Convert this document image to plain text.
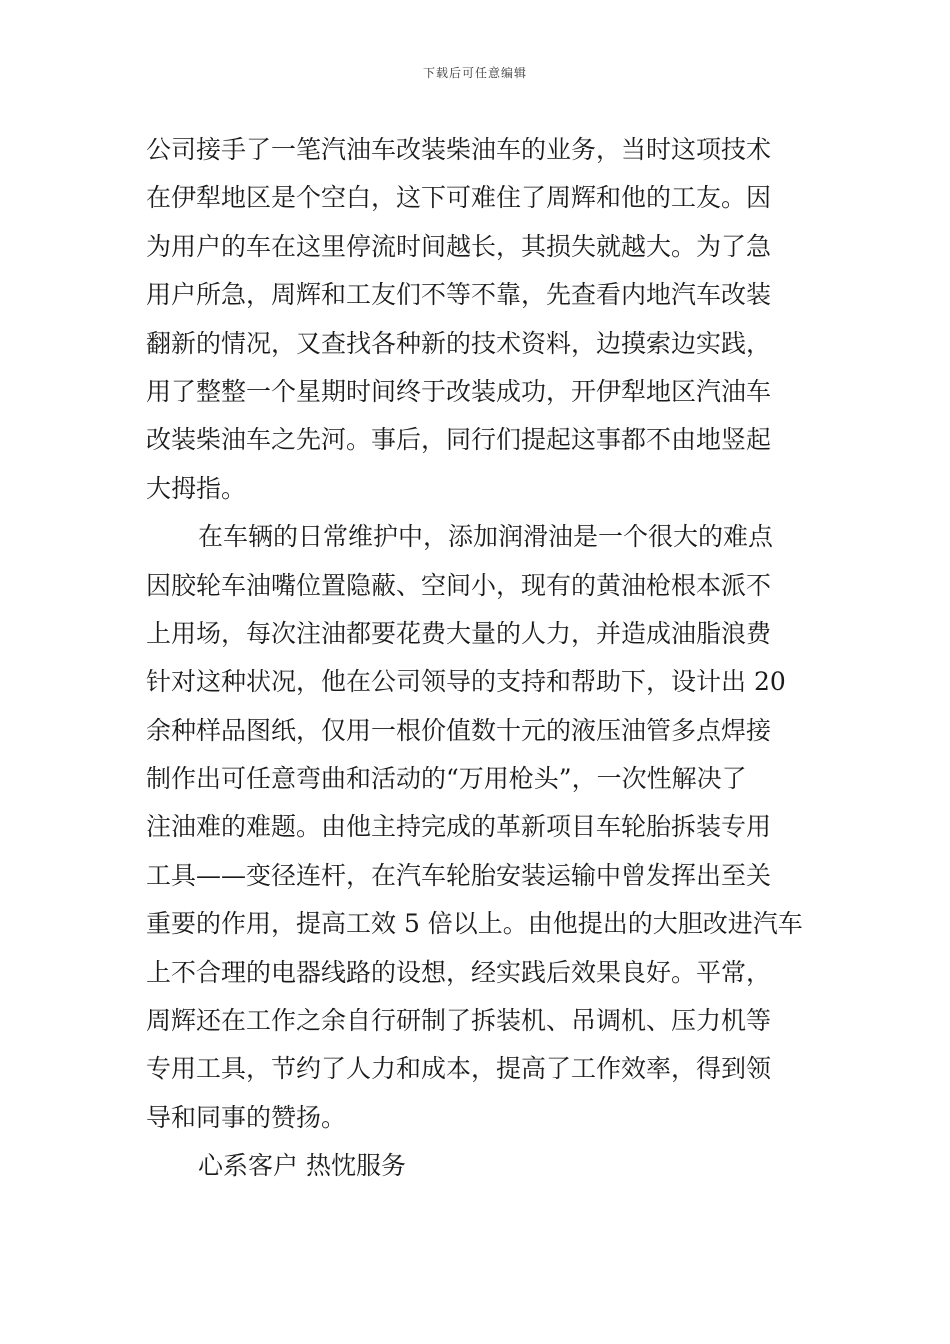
下载后可任意编辑
公司接手了一笔汽油车改装柴油车的业务，当时这项技术
在伊犁地区是个空白，这下可难住了周辉和他的工友。因
为用户的车在这里停流时间越长，其损失就越大。为了急
用户所急，周辉和工友们不等不靠，先查看内地汽车改装
翻新的情况，又查找各种新的技术资料，边摸索边实践，
用了整整一个星期时间终于改装成功，开伊犁地区汽油车
改装柴油车之先河。事后，同行们提起这事都不由地竖起
大拇指。
在车辆的日常维护中，添加润滑油是一个很大的难点
因胶轮车油嘴位置隐蔽、空间小，现有的黄油枪根本派不
上用场，每次注油都要花费大量的人力，并造成油脂浪费
针对这种状况，他在公司领导的支持和帮助下，设计出 20
余种样品图纸，仅用一根价值数十元的液压油管多点焊接
制作出可任意弯曲和活动的“万用枪头”，一次性解决了
注油难的难题。由他主持完成的革新项目车轮胎拆装专用
工具——变径连杆，在汽车轮胎安装运输中曾发挥出至关
重要的作用，提高工效 5 倍以上。由他提出的大胆改进汽车
上不合理的电器线路的设想，经实践后效果良好。平常，
周辉还在工作之余自行研制了拆装机、吊调机、压力机等
专用工具，节约了人力和成本，提高了工作效率，得到领
导和同事的赞扬。
心系客户 热忱服务
